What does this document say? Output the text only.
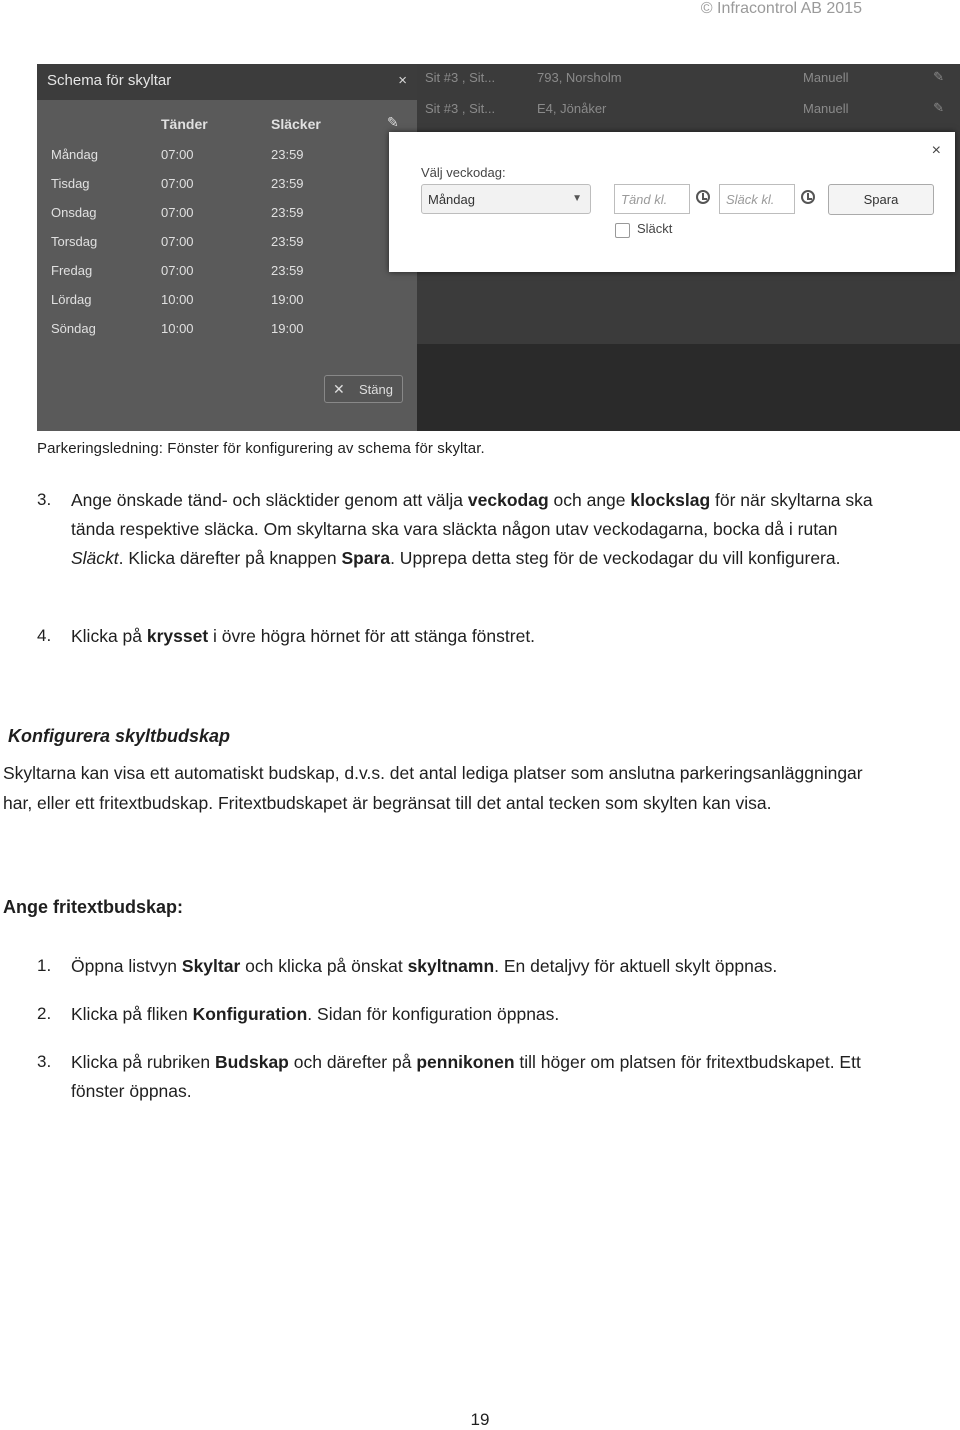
© Infracontrol AB 2015
Sit #3 , Sit...	793, Norsholm	Manuell	✎
Sit #3 , Sit...	E4, Jönåker	Manuell	✎
Schema för skyltar	×
Tänder	Släcker	✎
Måndag	07:00	23:59
Tisdag	07:00	23:59
Onsdag	07:00	23:59
Torsdag	07:00	23:59
Fredag	07:00	23:59
Lördag	10:00	19:00
Söndag	10:00	19:00
✕ Stäng
×
Välj veckodag:
Måndag	▼	Tänd kl.	Släck kl.	Spara
Släckt
Parkeringsledning: Fönster för konfigurering av schema för skyltar.
3. Ange önskade tänd- och släcktider genom att välja veckodag och ange klockslag för när skyltarna ska tända respektive släcka. Om skyltarna ska vara släckta någon utav veckodagarna, bocka då i rutan Släckt. Klicka därefter på knappen Spara. Upprepa detta steg för de veckodagar du vill konfigurera.
4. Klicka på krysset i övre högra hörnet för att stänga fönstret.
Konfigurera skyltbudskap
Skyltarna kan visa ett automatiskt budskap, d.v.s. det antal lediga platser som anslutna parkeringsanläggningar har, eller ett fritextbudskap. Fritextbudskapet är begränsat till det antal tecken som skylten kan visa.
Ange fritextbudskap:
1. Öppna listvyn Skyltar och klicka på önskat skyltnamn. En detaljvy för aktuell skylt öppnas.
2. Klicka på fliken Konfiguration. Sidan för konfiguration öppnas.
3. Klicka på rubriken Budskap och därefter på pennikonen till höger om platsen för fritextbudskapet. Ett fönster öppnas.
19
